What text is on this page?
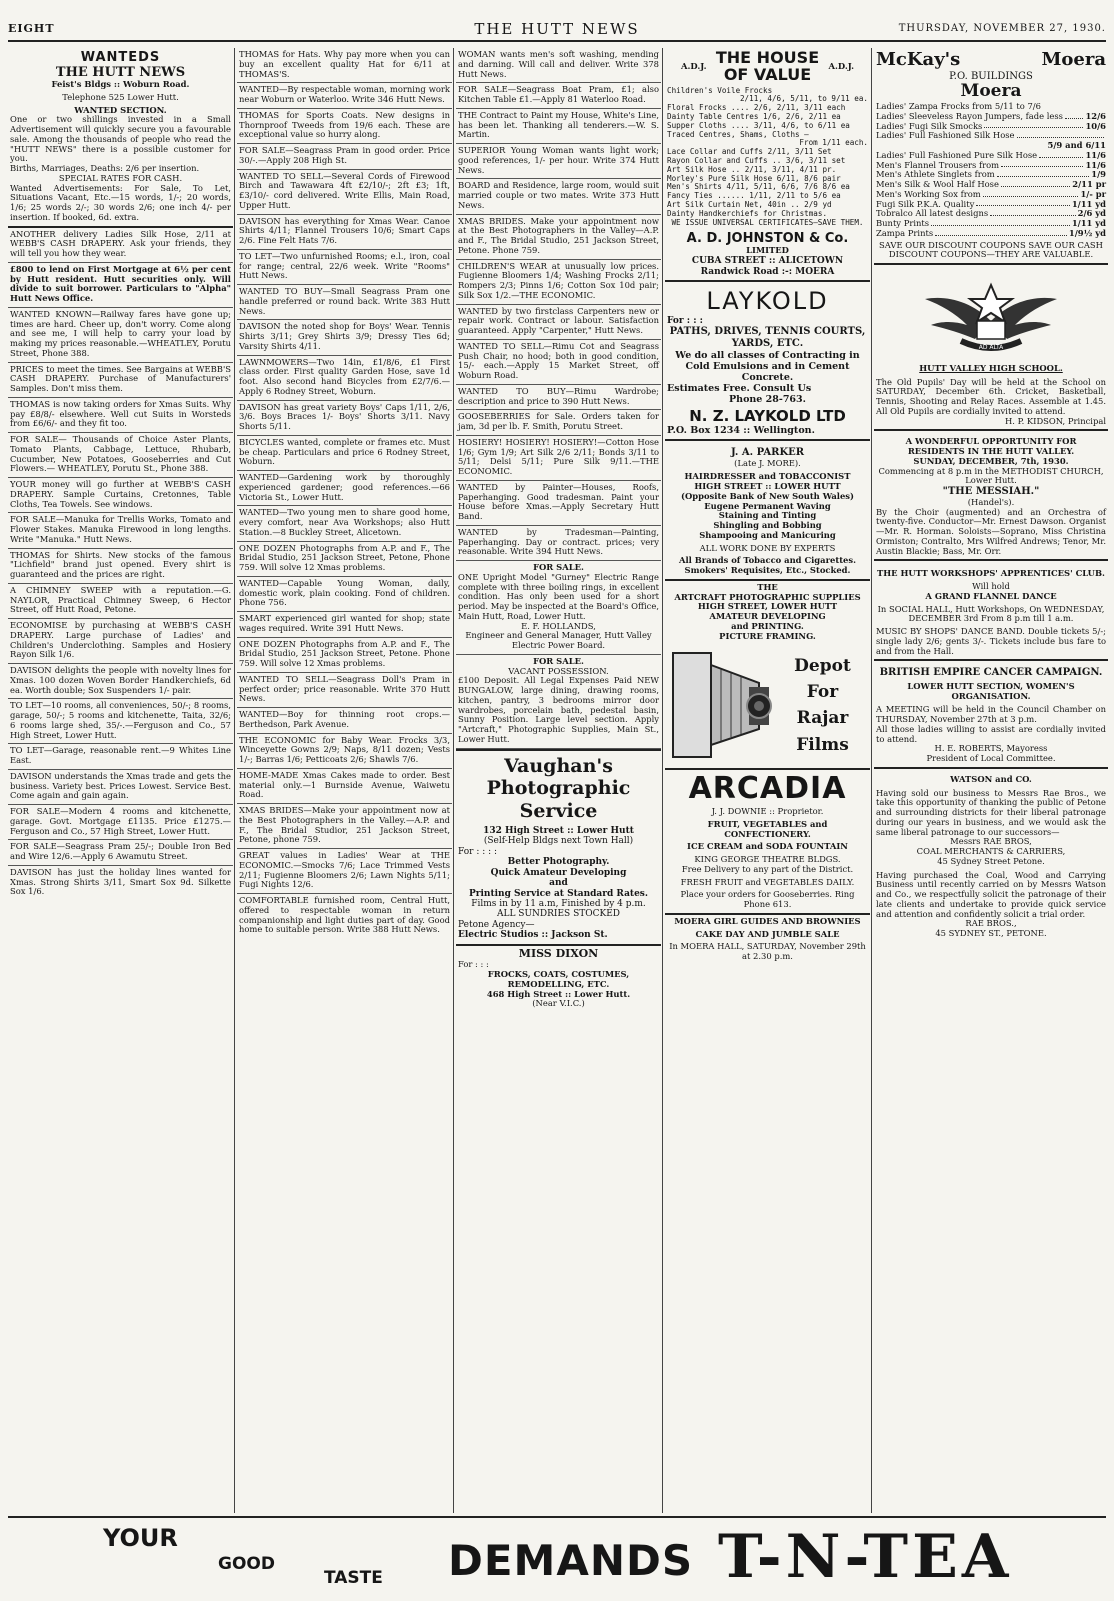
EIGHT	THE HUTT NEWS	THURSDAY, NOVEMBER 27, 1930.
WANTEDS
THE HUTT NEWS
Feist's Bldgs :: Woburn Road.
Telephone 525 Lower Hutt.
WANTED SECTION.
One or two shillings invested in a Small Advertisement will quickly secure you a favourable sale. Among the thousands of people who read the "HUTT NEWS" there is a possible customer for you.
Births, Marriages, Deaths: 2/6 per insertion.
SPECIAL RATES FOR CASH.
Wanted Advertisements: For Sale, To Let, Situations Vacant, Etc.—15 words, 1/-; 20 words, 1/6; 25 words 2/-; 30 words 2/6; one inch 4/- per insertion. If booked, 6d. extra.
ANOTHER delivery Ladies Silk Hose, 2/11 at WEBB'S CASH DRAPERY. Ask your friends, they will tell you how they wear.
£800 to lend on First Mortgage at 6½ per cent by Hutt resident. Hutt securities only. Will divide to suit borrower. Particulars to "Alpha" Hutt News Office.
WANTED KNOWN—Railway fares have gone up; times are hard. Cheer up, don't worry. Come along and see me, I will help to carry your load by making my prices reasonable.—WHEATLEY, Porutu Street, Phone 388.
PRICES to meet the times. See Bargains at WEBB'S CASH DRAPERY. Purchase of Manufacturers' Samples. Don't miss them.
THOMAS is now taking orders for Xmas Suits. Why pay £8/8/- elsewhere. Well cut Suits in Worsteds from £6/6/- and they fit too.
FOR SALE— Thousands of Choice Aster Plants, Tomato Plants, Cabbage, Lettuce, Rhubarb, Cucumber, New Potatoes, Gooseberries and Cut Flowers.— WHEATLEY, Porutu St., Phone 388.
YOUR money will go further at WEBB'S CASH DRAPERY. Sample Curtains, Cretonnes, Table Cloths, Tea Towels. See windows.
FOR SALE—Manuka for Trellis Works, Tomato and Flower Stakes. Manuka Firewood in long lengths. Write "Manuka." Hutt News.
THOMAS for Shirts. New stocks of the famous "Lichfield" brand just opened. Every shirt is guaranteed and the prices are right.
A CHIMNEY SWEEP with a reputation.—G. NAYLOR, Practical Chimney Sweep, 6 Hector Street, off Hutt Road, Petone.
ECONOMISE by purchasing at WEBB'S CASH DRAPERY. Large purchase of Ladies' and Children's Underclothing. Samples and Hosiery Rayon Silk 1/6.
DAVISON delights the people with novelty lines for Xmas. 100 dozen Woven Border Handkerchiefs, 6d ea. Worth double; Sox Suspenders 1/- pair.
TO LET—10 rooms, all conveniences, 50/-; 8 rooms, garage, 50/-; 5 rooms and kitchenette, Taita, 32/6; 6 rooms large shed, 35/-.—Ferguson and Co., 57 High Street, Lower Hutt.
TO LET—Garage, reasonable rent.—9 Whites Line East.
DAVISON understands the Xmas trade and gets the business. Variety best. Prices Lowest. Service Best. Come again and gain again.
FOR SALE—Modern 4 rooms and kitchenette, garage. Govt. Mortgage £1135. Price £1275.—Ferguson and Co., 57 High Street, Lower Hutt.
FOR SALE—Seagrass Pram 25/-; Double Iron Bed and Wire 12/6.—Apply 6 Awamutu Street.
DAVISON has just the holiday lines wanted for Xmas. Strong Shirts 3/11, Smart Sox 9d. Silkette Sox 1/6.
THOMAS for Hats. Why pay more when you can buy an excellent quality Hat for 6/11 at THOMAS'S.
WANTED—By respectable woman, morning work near Woburn or Waterloo. Write 346 Hutt News.
THOMAS for Sports Coats. New designs in Thornproof Tweeds from 19/6 each. These are exceptional value so hurry along.
FOR SALE—Seagrass Pram in good order. Price 30/-.—Apply 208 High St.
WANTED TO SELL—Several Cords of Firewood Birch and Tawawara 4ft £2/10/-; 2ft £3; 1ft, £3/10/- cord delivered. Write Ellis, Main Road, Upper Hutt.
DAVISON has everything for Xmas Wear. Canoe Shirts 4/11; Flannel Trousers 10/6; Smart Caps 2/6. Fine Felt Hats 7/6.
TO LET—Two unfurnished Rooms; e.l., iron, coal for range; central, 22/6 week. Write "Rooms" Hutt News.
WANTED TO BUY—Small Seagrass Pram one handle preferred or round back. Write 383 Hutt News.
DAVISON the noted shop for Boys' Wear. Tennis Shirts 3/11; Grey Shirts 3/9; Dressy Ties 6d; Varsity Shirts 4/11.
LAWNMOWERS—Two 14in, £1/8/6, £1 First class order. First quality Garden Hose, save 1d foot. Also second hand Bicycles from £2/7/6.—Apply 6 Rodney Street, Woburn.
DAVISON has great variety Boys' Caps 1/11, 2/6, 3/6. Boys Braces 1/- Boys' Shorts 3/11. Navy Shorts 5/11.
BICYCLES wanted, complete or frames etc. Must be cheap. Particulars and price 6 Rodney Street, Woburn.
WANTED—Gardening work by thoroughly experienced gardener; good references.—66 Victoria St., Lower Hutt.
WANTED—Two young men to share good home, every comfort, near Ava Workshops; also Hutt Station.—8 Buckley Street, Alicetown.
ONE DOZEN Photographs from A.P. and F., The Bridal Studio, 251 Jackson Street, Petone, Phone 759. Will solve 12 Xmas problems.
WANTED—Capable Young Woman, daily, domestic work, plain cooking. Fond of children. Phone 756.
SMART experienced girl wanted for shop; state wages required. Write 391 Hutt News.
ONE DOZEN Photographs from A.P. and F., The Bridal Studio, 251 Jackson Street, Petone. Phone 759. Will solve 12 Xmas problems.
WANTED TO SELL—Seagrass Doll's Pram in perfect order; price reasonable. Write 370 Hutt News.
WANTED—Boy for thinning root crops.—Berthedson, Park Avenue.
THE ECONOMIC for Baby Wear. Frocks 3/3, Winceyette Gowns 2/9; Naps, 8/11 dozen; Vests 1/-; Barras 1/6; Petticoats 2/6; Shawls 7/6.
HOME-MADE Xmas Cakes made to order. Best material only.—1 Burnside Avenue, Waiwetu Road.
XMAS BRIDES—Make your appointment now at the Best Photographers in the Valley.—A.P. and F., The Bridal Studior, 251 Jackson Street, Petone, phone 759.
GREAT values in Ladies' Wear at THE ECONOMIC.—Smocks 7/6; Lace Trimmed Vests 2/11; Fugienne Bloomers 2/6; Lawn Nights 5/11; Fugi Nights 12/6.
COMFORTABLE furnished room, Central Hutt, offered to respectable woman in return companionship and light duties part of day. Good home to suitable person. Write 388 Hutt News.
WOMAN wants men's soft washing, mending and darning. Will call and deliver. Write 378 Hutt News.
FOR SALE—Seagrass Boat Pram, £1; also Kitchen Table £1.—Apply 81 Waterloo Road.
THE Contract to Paint my House, White's Line, has been let. Thanking all tenderers.—W. S. Martin.
SUPERIOR Young Woman wants light work; good references, 1/- per hour. Write 374 Hutt News.
BOARD and Residence, large room, would suit married couple or two mates. Write 373 Hutt News.
XMAS BRIDES. Make your appointment now at the Best Photographers in the Valley—A.P. and F., The Bridal Studio, 251 Jackson Street, Petone. Phone 759.
CHILDREN'S WEAR at unusually low prices. Fugienne Bloomers 1/4; Washing Frocks 2/11; Rompers 2/3; Pinns 1/6; Cotton Sox 10d pair; Silk Sox 1/2.—THE ECONOMIC.
WANTED by two firstclass Carpenters new or repair work. Contract or labour. Satisfaction guaranteed. Apply "Carpenter," Hutt News.
WANTED TO SELL—Rimu Cot and Seagrass Push Chair, no hood; both in good condition, 15/- each.—Apply 15 Market Street, off Woburn Road.
WANTED TO BUY—Rimu Wardrobe; description and price to 390 Hutt News.
GOOSEBERRIES for Sale. Orders taken for jam, 3d per lb. F. Smith, Porutu Street.
HOSIERY! HOSIERY! HOSIERY!—Cotton Hose 1/6; Gym 1/9; Art Silk 2/6 2/11; Bonds 3/11 to 5/11; Delsi 5/11; Pure Silk 9/11.—THE ECONOMIC.
WANTED by Painter—Houses, Roofs, Paperhanging. Good tradesman. Paint your House before Xmas.—Apply Secretary Hutt Band.
WANTED by Tradesman—Painting, Paperhanging. Day or contract. prices; very reasonable. Write 394 Hutt News.
FOR SALE.
ONE Upright Model "Gurney" Electric Range complete with three boiling rings, in excellent condition. Has only been used for a short period. May be inspected at the Board's Office, Main Hutt, Road, Lower Hutt.
E. F. HOLLANDS,
Engineer and General Manager, Hutt Valley Electric Power Board.
FOR SALE.
VACANT POSSESSION.
£100 Deposit. All Legal Expenses Paid NEW BUNGALOW, large dining, drawing rooms, kitchen, pantry, 3 bedrooms mirror door wardrobes, porcelain bath, pedestal basin, Sunny Position. Large level section. Apply "Artcraft," Photographic Supplies, Main St., Lower Hutt.
Vaughan's Photographic Service
132 High Street :: Lower Hutt
(Self-Help Bldgs next Town Hall)
For : : : :
Better Photography.
Quick Amateur Developing
and
Printing Service at Standard Rates.
Films in by 11 a.m, Finished by 4 p.m.
ALL SUNDRIES STOCKED
Petone Agency—
Electric Studios :: Jackson St.
MISS DIXON
For : : :
FROCKS, COATS, COSTUMES, REMODELLING, ETC.
468 High Street :: Lower Hutt.
(Near V.I.C.)
A.D.J. THE HOUSE OF VALUE	A.D.J.
Children's Voile Frocks
2/11, 4/6, 5/11, to 9/11 ea.
Floral Frocks .... 2/6, 2/11, 3/11 each
Dainty Table Centres 1/6, 2/6, 2/11 ea
Supper Cloths .... 3/11, 4/6, to 6/11 ea
Traced Centres, Shams, Cloths —
From 1/11 each.
Lace Collar and Cuffs 2/11, 3/11 Set
Rayon Collar and Cuffs .. 3/6, 3/11 set
Art Silk Hose .. 2/11, 3/11, 4/11 pr.
Morley's Pure Silk Hose 6/11, 8/6 pair
Men's Shirts 4/11, 5/11, 6/6, 7/6 8/6 ea
Fancy Ties ...... 1/11, 2/11 to 5/6 ea
Art Silk Curtain Net, 40in .. 2/9 yd
Dainty Handkerchiefs for Christmas.
WE ISSUE UNIVERSAL CERTIFICATES—SAVE THEM.
A. D. JOHNSTON & Co.
LIMITED
CUBA STREET :: ALICETOWN
Randwick Road :-: MOERA
LAYKOLD
For : : :
PATHS, DRIVES, TENNIS COURTS, YARDS, ETC.
We do all classes of Contracting in Cold Emulsions and in Cement Concrete.
Estimates Free. Consult Us
Phone 28-763.
N. Z. LAYKOLD LTD
P.O. Box 1234 :: Wellington.
J. A. PARKER
(Late J. MORE).
HAIRDRESSER and TOBACCONIST
HIGH STREET :: LOWER HUTT
(Opposite Bank of New South Wales)
Eugene Permanent Waving
Staining and Tinting
Shingling and Bobbing
Shampooing and Manicuring
ALL WORK DONE BY EXPERTS
All Brands of Tobacco and Cigarettes. Smokers' Requisites, Etc., Stocked.
THE
ARTCRAFT PHOTOGRAPHIC SUPPLIES
HIGH STREET, LOWER HUTT
AMATEUR DEVELOPING
and PRINTING.
PICTURE FRAMING.
Depot
For
Rajar
Films
ARCADIA
J. J. DOWNIE :: Proprietor.
FRUIT, VEGETABLES and CONFECTIONERY.
ICE CREAM and SODA FOUNTAIN
KING GEORGE THEATRE BLDGS.
Free Delivery to any part of the District.
FRESH FRUIT and VEGETABLES DAILY.
Place your orders for Gooseberries. Ring Phone 613.
MOERA GIRL GUIDES AND BROWNIES
CAKE DAY AND JUMBLE SALE
In MOERA HALL, SATURDAY, November 29th at 2.30 p.m.
McKay's	Moera
P.O. BUILDINGS
Moera
Ladies' Zampa Frocks from 5/11 to 7/6
Ladies' Sleeveless Rayon Jumpers, fade less	12/6
Ladies' Fugi Silk Smocks	10/6
Ladies' Full Fashioned Silk Hose
5/9 and 6/11
Ladies' Full Fashioned Pure Silk Hose	11/6
Men's Flannel Trousers from	11/6
Men's Athlete Singlets from	1/9
Men's Silk & Wool Half Hose	2/11 pr
Men's Working Sox from	1/- pr
Fugi Silk P.K.A. Quality	1/11 yd
Tobralco All latest designs	2/6 yd
Bunty Prints	1/11 yd
Zampa Prints	1/9½ yd
SAVE OUR DISCOUNT COUPONS SAVE OUR CASH DISCOUNT COUPONS—THEY ARE VALUABLE.
AD ALTA
HUTT VALLEY HIGH SCHOOL.
The Old Pupils' Day will be held at the School on SATURDAY, December 6th. Cricket, Basketball, Tennis, Shooting and Relay Races. Assemble at 1.45. All Old Pupils are cordially invited to attend.
H. P. KIDSON, Principal
A WONDERFUL OPPORTUNITY FOR RESIDENTS IN THE HUTT VALLEY.
SUNDAY, DECEMBER, 7th, 1930.
Commencing at 8 p.m in the METHODIST CHURCH, Lower Hutt.
"THE MESSIAH."
(Handel's).
By the Choir (augmented) and an Orchestra of twenty-five. Conductor—Mr. Ernest Dawson. Organist—Mr. R. Horman. Soloists—Soprano, Miss Christina Ormiston; Contralto, Mrs Wilfred Andrews; Tenor, Mr. Austin Blackie; Bass, Mr. Orr.
THE HUTT WORKSHOPS' APPRENTICES' CLUB.
Will hold
A GRAND FLANNEL DANCE
In SOCIAL HALL, Hutt Workshops, On WEDNESDAY, DECEMBER 3rd From 8 p.m till 1 a.m.
MUSIC BY SHOPS' DANCE BAND. Double tickets 5/-; single lady 2/6; gents 3/-. Tickets include bus fare to and from the Hall.
BRITISH EMPIRE CANCER CAMPAIGN.
LOWER HUTT SECTION, WOMEN'S ORGANISATION.
A MEETING will be held in the Council Chamber on THURSDAY, November 27th at 3 p.m.
All those ladies willing to assist are cordially invited to attend.
H. E. ROBERTS, Mayoress
President of Local Committee.
WATSON and CO.
Having sold our business to Messrs Rae Bros., we take this opportunity of thanking the public of Petone and surrounding districts for their liberal patronage during our years in business, and we would ask the same liberal patronage to our successors—
Messrs RAE BROS,
COAL MERCHANTS & CARRIERS,
45 Sydney Street Petone.
Having purchased the Coal, Wood and Carrying Business until recently carried on by Messrs Watson and Co., we respectfully solicit the patronage of their late clients and undertake to provide quick service and attention and confidently solicit a trial order.
RAE BROS.,
45 SYDNEY ST., PETONE.
YOUR
GOOD
TASTE DEMANDS T-N-TEA
